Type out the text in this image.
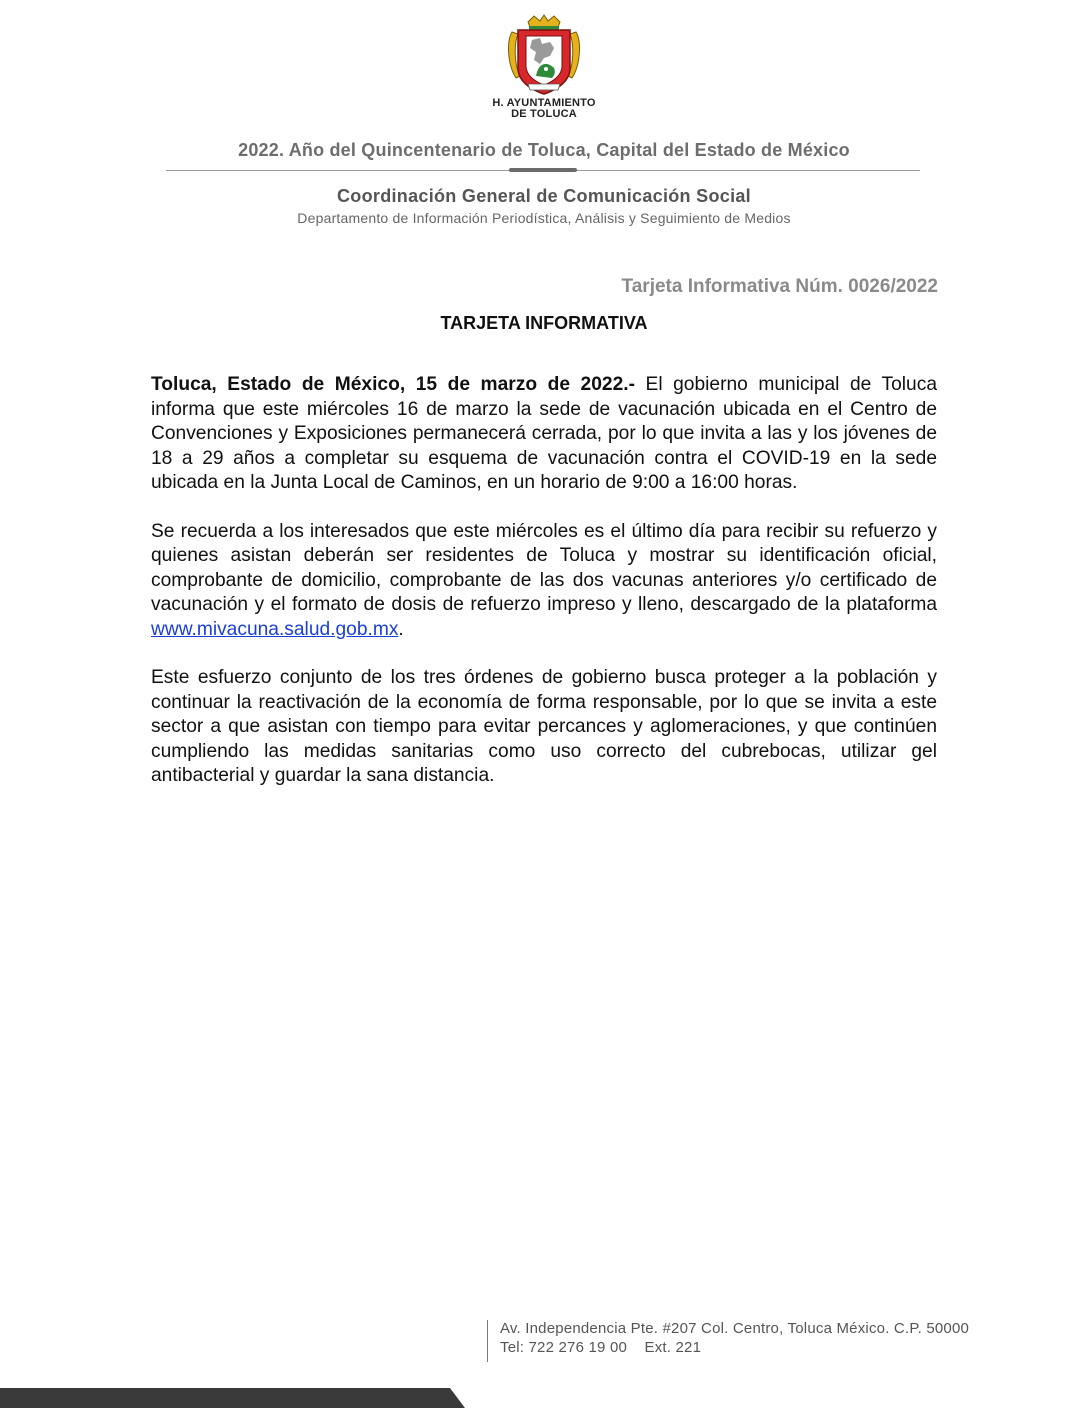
H. AYUNTAMIENTO
DE TOLUCA
2022. Año del Quincentenario de Toluca, Capital del Estado de México
Coordinación General de Comunicación Social
Departamento de Información Periodística, Análisis y Seguimiento de Medios
Tarjeta Informativa Núm. 0026/2022
TARJETA INFORMATIVA

Toluca, Estado de México, 15 de marzo de 2022.- El gobierno municipal de Toluca informa que este miércoles 16 de marzo la sede de vacunación ubicada en el Centro de Convenciones y Exposiciones permanecerá cerrada, por lo que invita a las y los jóvenes de 18 a 29 años a completar su esquema de vacunación contra el COVID-19 en la sede ubicada en la Junta Local de Caminos, en un horario de 9:00 a 16:00 horas.

Se recuerda a los interesados que este miércoles es el último día para recibir su refuerzo y quienes asistan deberán ser residentes de Toluca y mostrar su identificación oficial, comprobante de domicilio, comprobante de las dos vacunas anteriores y/o certificado de vacunación y el formato de dosis de refuerzo impreso y lleno, descargado de la plataforma www.mivacuna.salud.gob.mx.

Este esfuerzo conjunto de los tres órdenes de gobierno busca proteger a la población y continuar la reactivación de la economía de forma responsable, por lo que se invita a este sector a que asistan con tiempo para evitar percances y aglomeraciones, y que continúen cumpliendo las medidas sanitarias como uso correcto del cubrebocas, utilizar gel antibacterial y guardar la sana distancia.

Av. Independencia Pte. #207 Col. Centro, Toluca México. C.P. 50000
Tel: 722 276 19 00    Ext. 221
